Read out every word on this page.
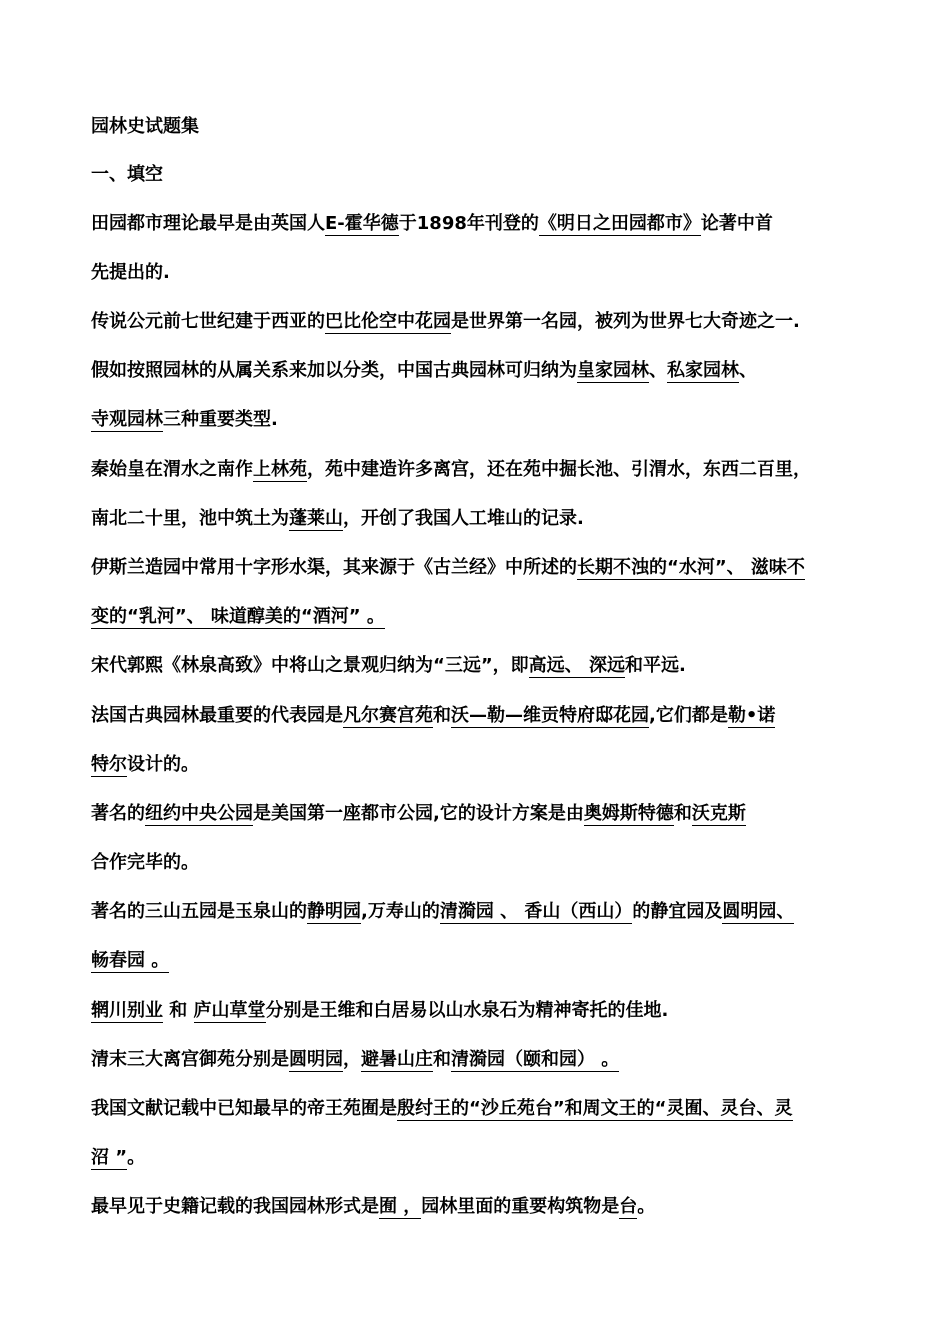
园林史试题集
一、填空
田园都市理论最早是由英国人E-霍华德于1898年刊登的《明日之田园都市》论著中首
先提出的.
传说公元前七世纪建于西亚的巴比伦空中花园是世界第一名园，被列为世界七大奇迹之一.
假如按照园林的从属关系来加以分类，中国古典园林可归纳为皇家园林、私家园林、
寺观园林三种重要类型.
秦始皇在渭水之南作上林苑，苑中建造许多离宫，还在苑中掘长池、引渭水，东西二百里，
南北二十里，池中筑土为蓬莱山，开创了我国人工堆山的记录.
伊斯兰造园中常用十字形水渠，其来源于《古兰经》中所述的长期不浊的“水河”、 滋味不
变的“乳河”、 味道醇美的“酒河” 。
宋代郭熙《林泉高致》中将山之景观归纳为“三远”，即高远、 深远和平远.
法国古典园林最重要的代表园是凡尔赛宫苑和沃—勒—维贡特府邸花园,它们都是勒•诺
特尔设计的。
著名的纽约中央公园是美国第一座都市公园,它的设计方案是由奥姆斯特德和沃克斯
合作完毕的。
著名的三山五园是玉泉山的静明园,万寿山的清漪园 、 香山（西山）的静宜园及圆明园、
畅春园 。
辋川别业 和 庐山草堂分别是王维和白居易以山水泉石为精神寄托的佳地.
清末三大离宫御苑分别是圆明园，避暑山庄和清漪园（颐和园） 。
我国文献记载中已知最早的帝王苑囿是殷纣王的“沙丘苑台”和周文王的“灵囿、灵台、灵
沼 ”。
最早见于史籍记载的我国园林形式是囿 ，园林里面的重要构筑物是台。
